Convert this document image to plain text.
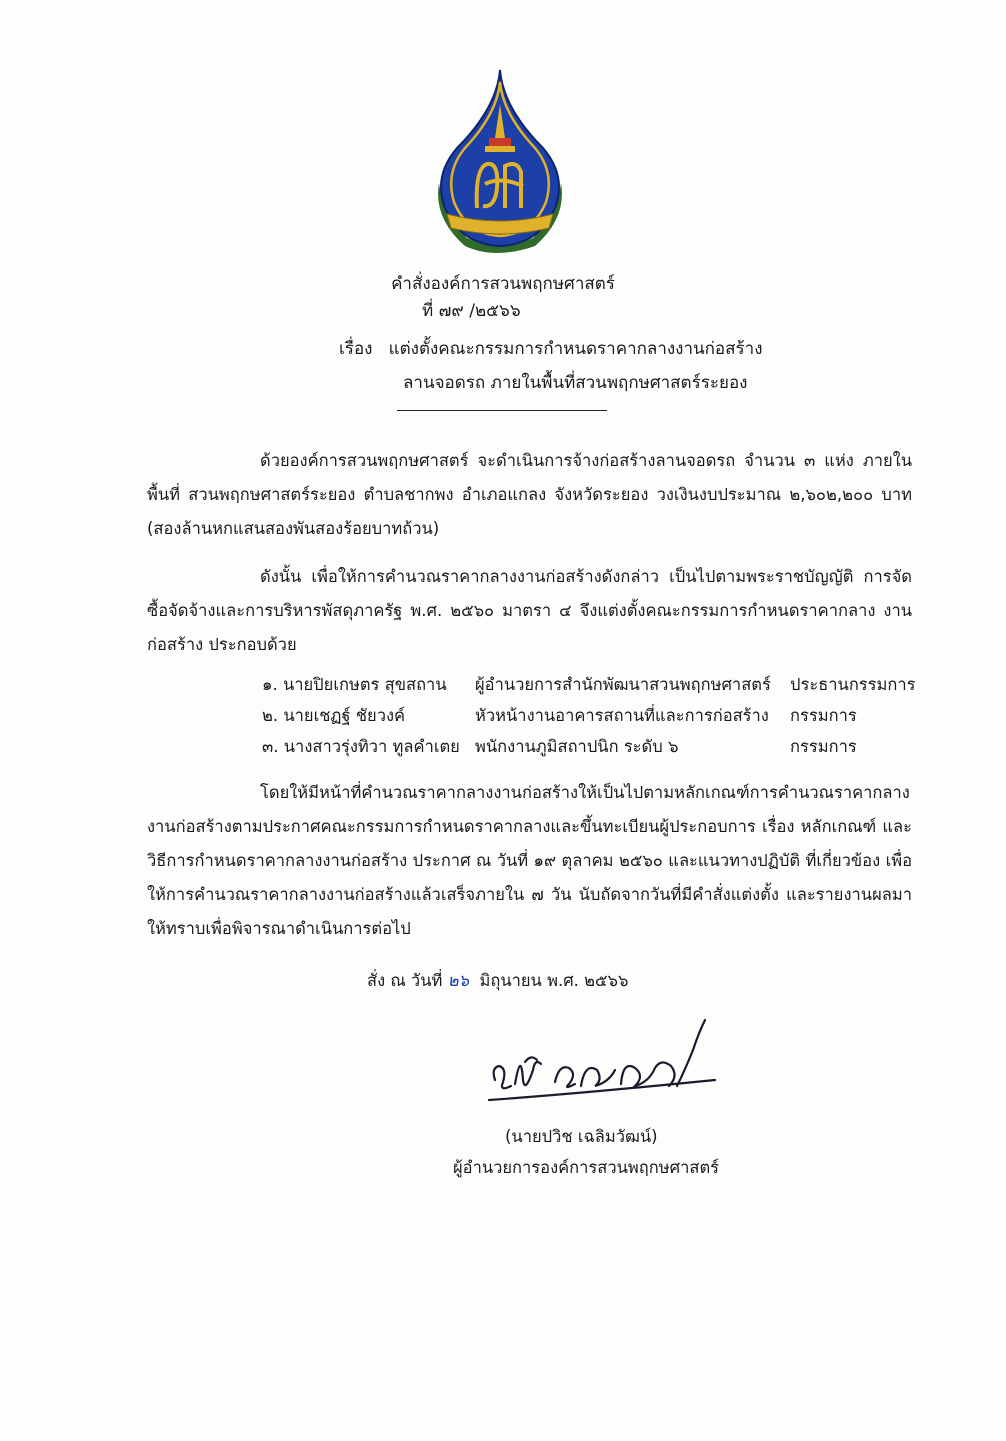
คำสั่งองค์การสวนพฤกษศาสตร์
ที่ ๗๙ /๒๕๖๖
เรื่อง แต่งตั้งคณะกรรมการกำหนดราคากลางงานก่อสร้าง
ลานจอดรถ ภายในพื้นที่สวนพฤกษศาสตร์ระยอง
ด้วยองค์การสวนพฤกษศาสตร์ จะดำเนินการจ้างก่อสร้างลานจอดรถ จำนวน ๓ แห่ง ภายในพื้นที่ สวนพฤกษศาสตร์ระยอง ตำบลชากพง อำเภอแกลง จังหวัดระยอง วงเงินงบประมาณ ๒,๖๐๒,๒๐๐ บาท (สองล้านหกแสนสองพันสองร้อยบาทถ้วน)
ดังนั้น เพื่อให้การคำนวณราคากลางงานก่อสร้างดังกล่าว เป็นไปตามพระราชบัญญัติ การจัดซื้อจัดจ้างและการบริหารพัสดุภาครัฐ พ.ศ. ๒๕๖๐ มาตรา ๔ จึงแต่งตั้งคณะกรรมการกำหนดราคากลาง งานก่อสร้าง ประกอบด้วย
๑. นายปิยเกษตร สุขสถาน	ผู้อำนวยการสำนักพัฒนาสวนพฤกษศาสตร์	ประธานกรรมการ
๒. นายเชฏฐ์ ชัยวงค์	หัวหน้างานอาคารสถานที่และการก่อสร้าง	กรรมการ
๓. นางสาวรุ่งทิวา ทูลคำเตย พนักงานภูมิสถาปนิก ระดับ ๖	กรรมการ
โดยให้มีหน้าที่คำนวณราคากลางงานก่อสร้างให้เป็นไปตามหลักเกณฑ์การคำนวณราคากลาง งานก่อสร้างตามประกาศคณะกรรมการกำหนดราคากลางและขึ้นทะเบียนผู้ประกอบการ เรื่อง หลักเกณฑ์ และวิธีการกำหนดราคากลางงานก่อสร้าง ประกาศ ณ วันที่ ๑๙ ตุลาคม ๒๕๖๐ และแนวทางปฏิบัติ ที่เกี่ยวข้อง เพื่อให้การคำนวณราคากลางงานก่อสร้างแล้วเสร็จภายใน ๗ วัน นับถัดจากวันที่มีคำสั่งแต่งตั้ง และรายงานผลมาให้ทราบเพื่อพิจารณาดำเนินการต่อไป
สั่ง ณ วันที่ ๒๖ มิถุนายน พ.ศ. ๒๕๖๖
(นายปวิช เฉลิมวัฒน์)
ผู้อำนวยการองค์การสวนพฤกษศาสตร์
